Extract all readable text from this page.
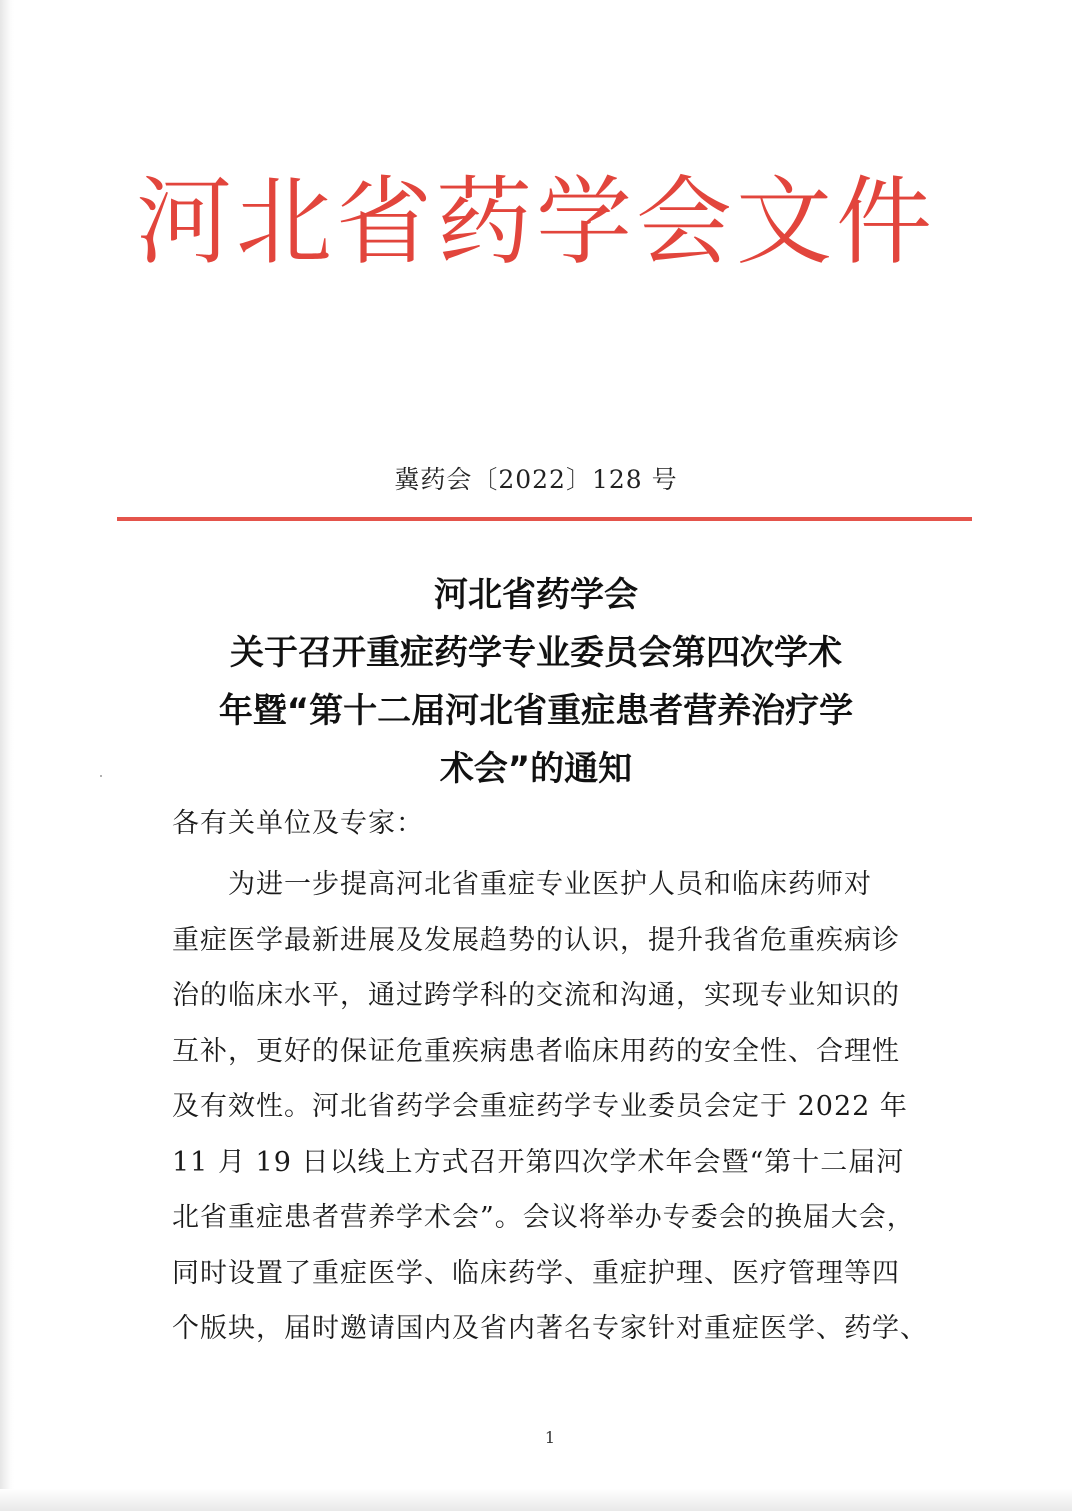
河北省药学会文件
冀药会〔2022〕128 号
河北省药学会
关于召开重症药学专业委员会第四次学术
年暨“第十二届河北省重症患者营养治疗学
术会”的通知
各有关单位及专家：
为进一步提高河北省重症专业医护人员和临床药师对
重症医学最新进展及发展趋势的认识，提升我省危重疾病诊
治的临床水平，通过跨学科的交流和沟通，实现专业知识的
互补，更好的保证危重疾病患者临床用药的安全性、合理性
及有效性。河北省药学会重症药学专业委员会定于 2022 年
11 月 19 日以线上方式召开第四次学术年会暨“第十二届河
北省重症患者营养学术会”。会议将举办专委会的换届大会，
同时设置了重症医学、临床药学、重症护理、医疗管理等四
个版块，届时邀请国内及省内著名专家针对重症医学、药学、
1
